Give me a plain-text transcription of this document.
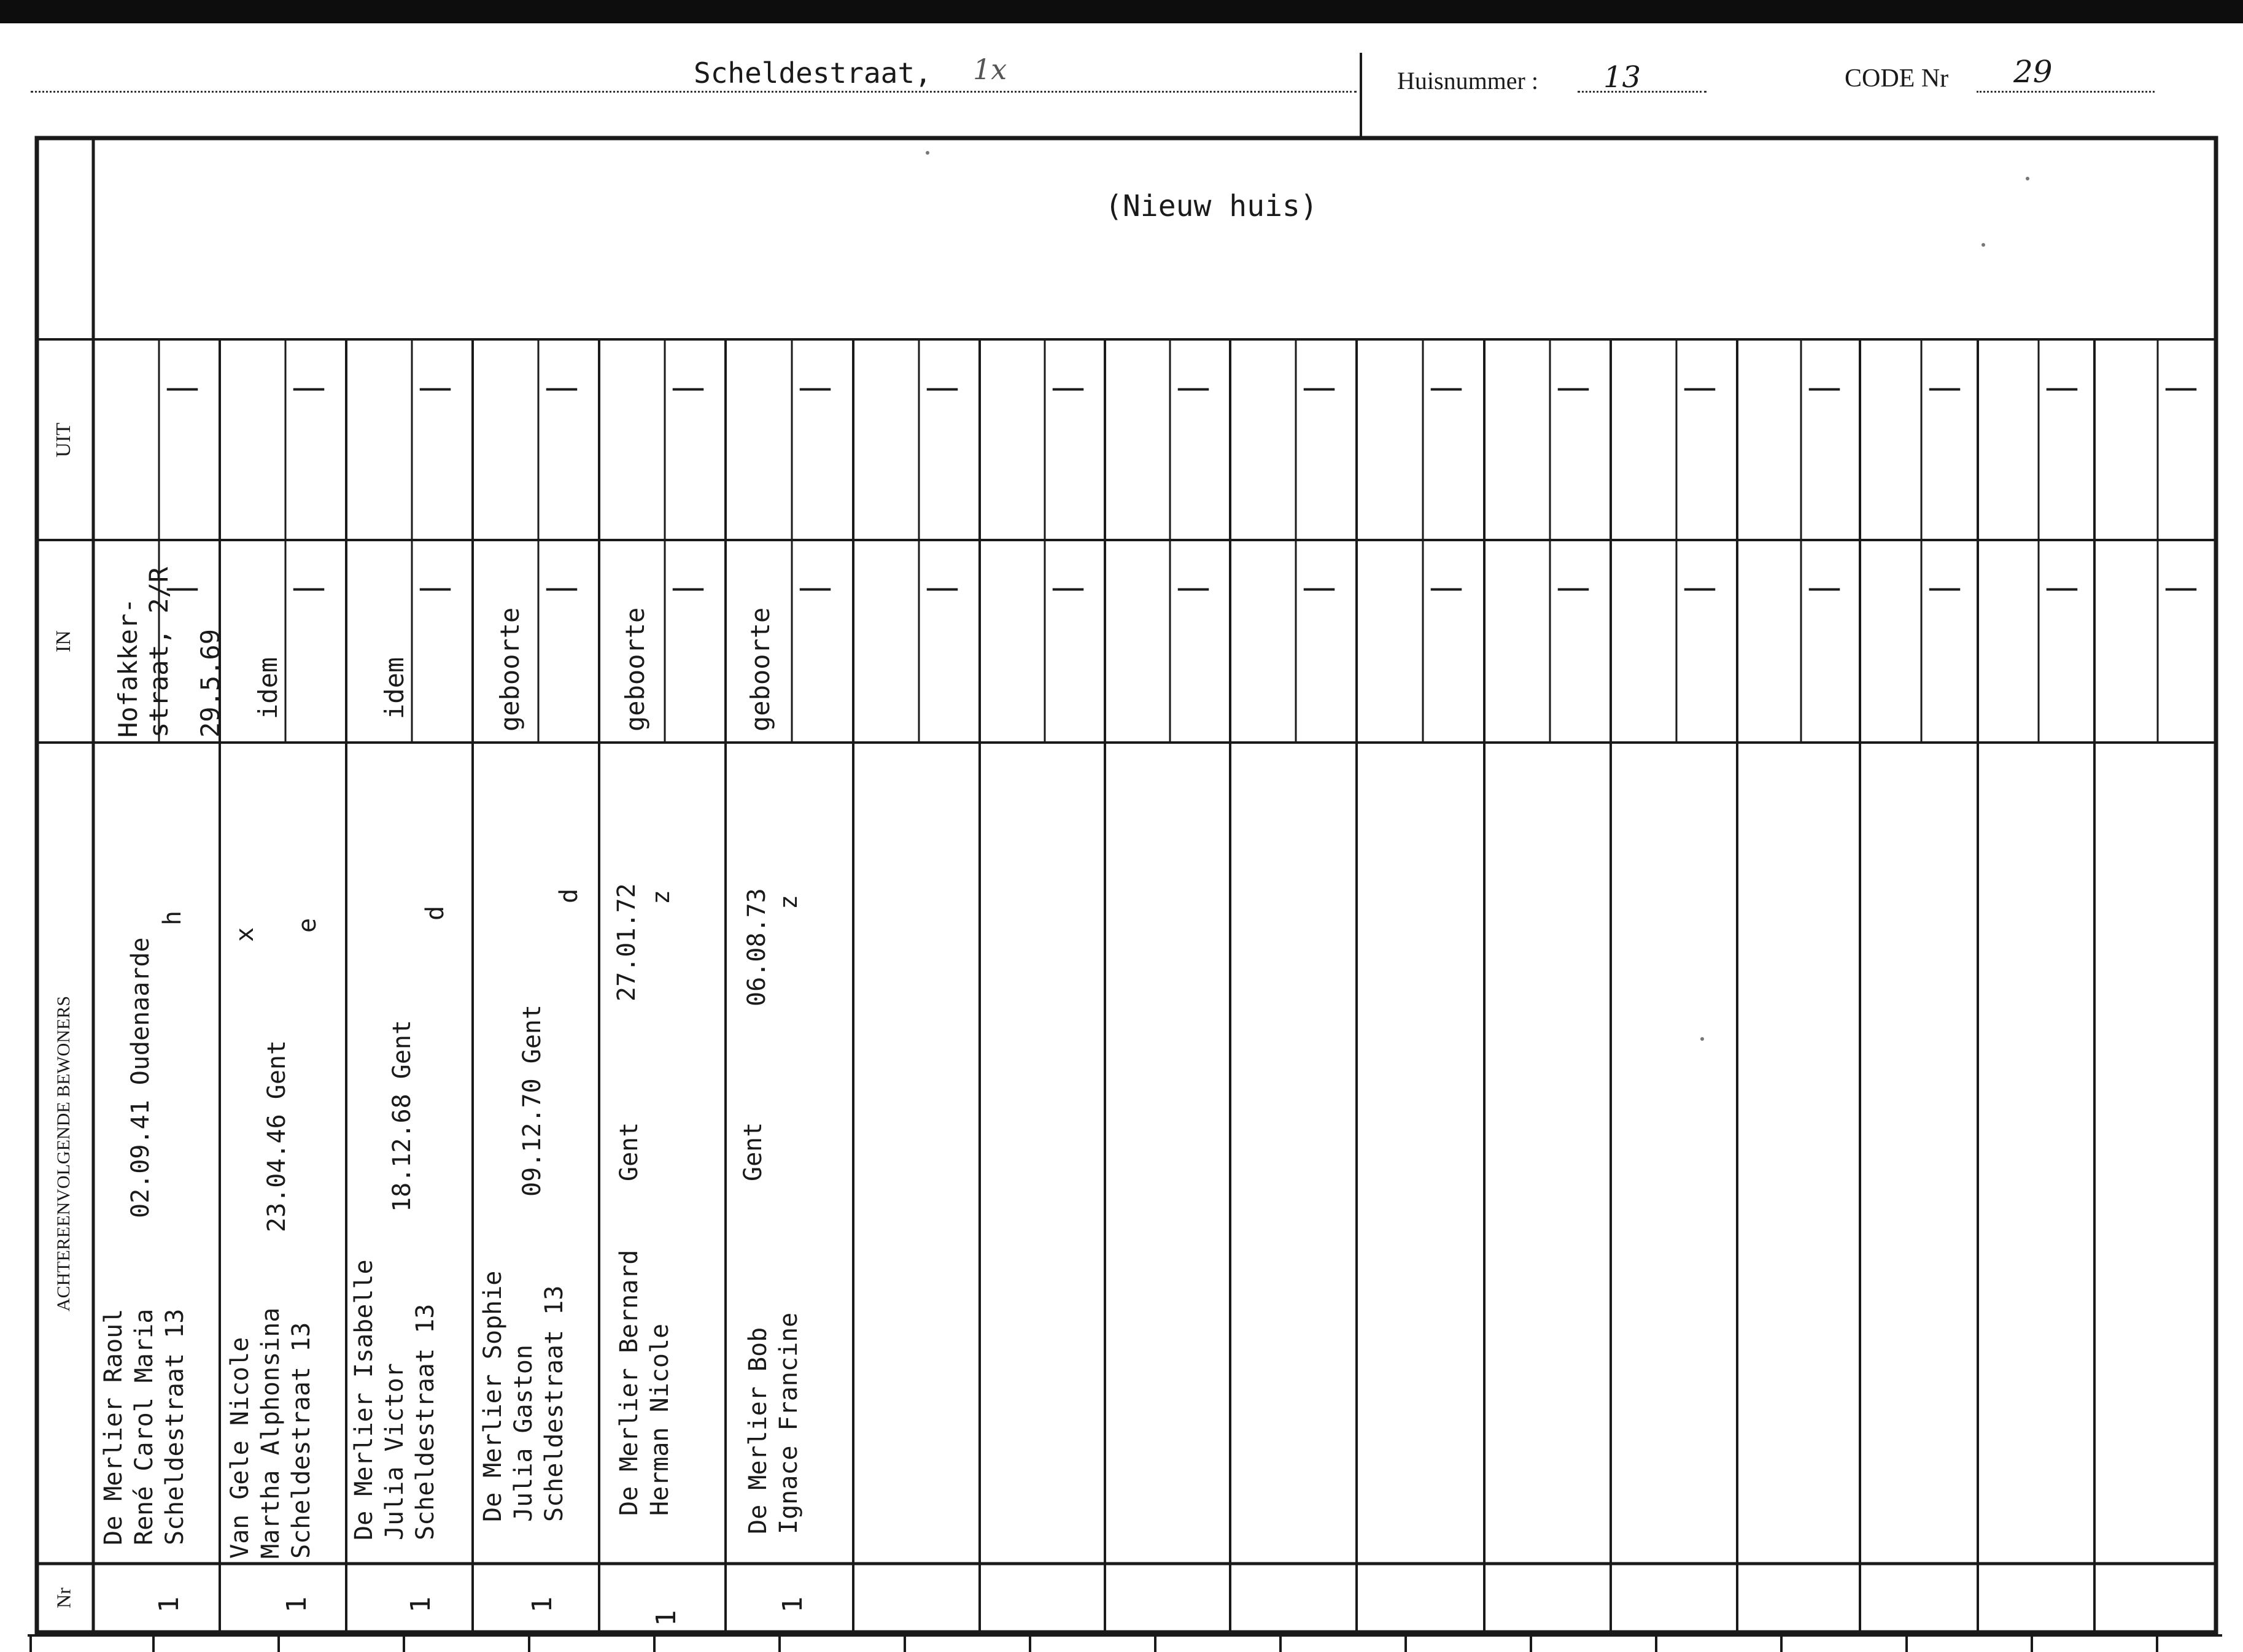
Scheldestraat, 1x	Huisnummer : 13	CODE Nr 29
UIT
IN
ACHTEREENVOLGENDE BEWONERS
Nr
(Nieuw huis)
—
—
—
—
—
—
—
—
—
—
—
—
—
—
—
—
—
—
—
—
—
—
—
—
—
—
—
—
—
—
—
—
—
—
Hofakker-
straat, 2/R 29.5.69
De Merlier Raoul René Carol Maria Scheldestraat 13
02.09.41 Oudenaarde
h
1
idem
Van Gele Nicole Martha Alphonsina Scheldestraat 13
23.04.46 Gent
x
e
1
idem
De Merlier Isabelle Julia Victor Scheldestraat 13
18.12.68 Gent
d
1
geboorte
De Merlier Sophie Julia Gaston Scheldestraat 13
09.12.70 Gent
d
1
geboorte
De Merlier Bernard Herman Nicole
Gent
27.01.72 z
1
geboorte
De Merlier Bob Ignace Francine
Gent
06.08.73 z
1
